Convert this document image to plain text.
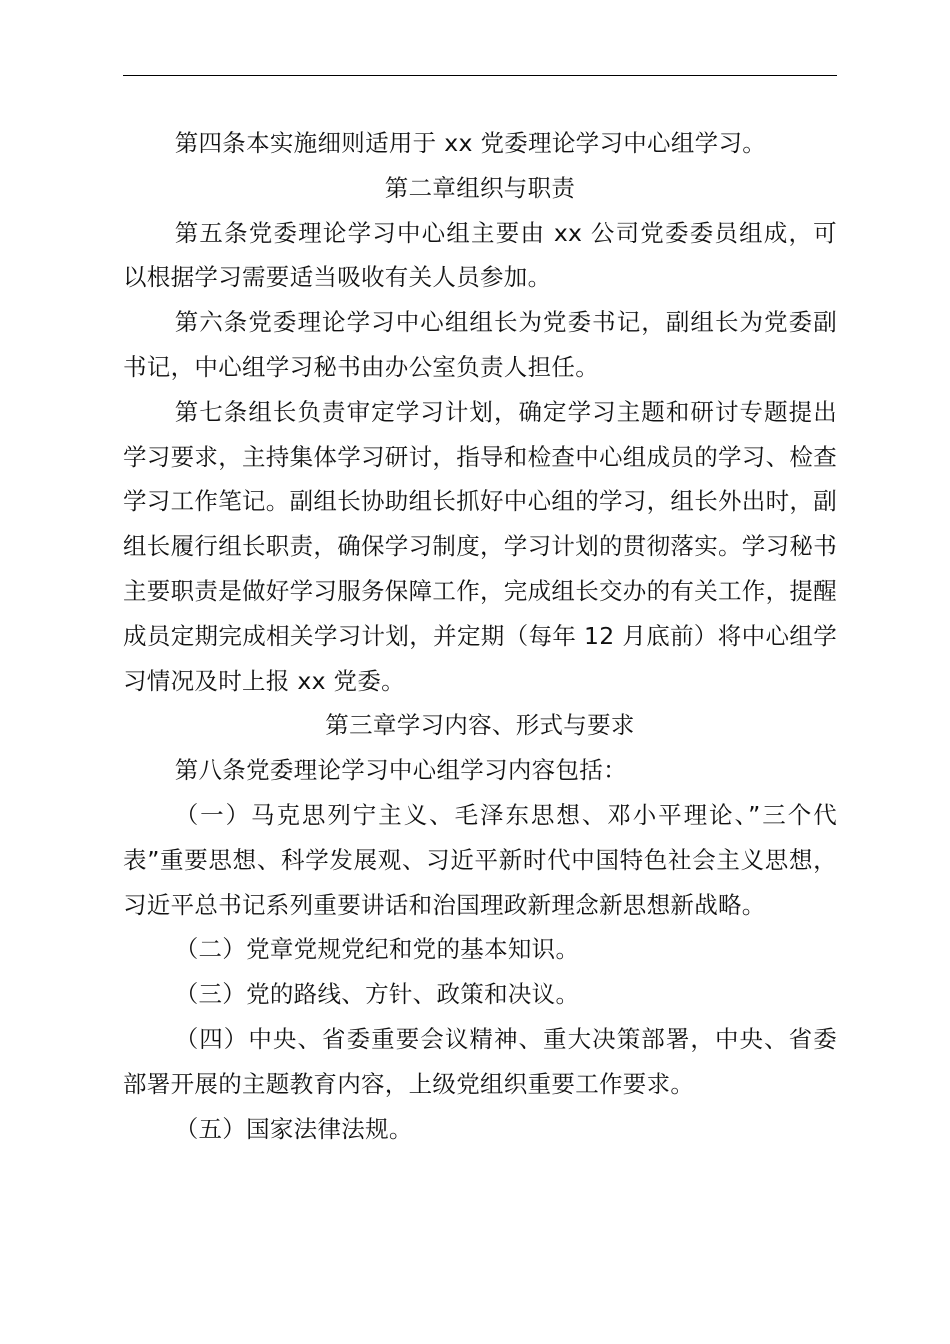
第四条本实施细则适用于 xx 党委理论学习中心组学习。

第二章组织与职责

第五条党委理论学习中心组主要由 xx 公司党委委员组成，可以根据学习需要适当吸收有关人员参加。

第六条党委理论学习中心组组长为党委书记，副组长为党委副书记，中心组学习秘书由办公室负责人担任。

第七条组长负责审定学习计划，确定学习主题和研讨专题提出学习要求，主持集体学习研讨，指导和检查中心组成员的学习、检查学习工作笔记。副组长协助组长抓好中心组的学习，组长外出时，副组长履行组长职责，确保学习制度，学习计划的贯彻落实。学习秘书主要职责是做好学习服务保障工作，完成组长交办的有关工作，提醒成员定期完成相关学习计划，并定期（每年 12 月底前）将中心组学习情况及时上报 xx 党委。

第三章学习内容、形式与要求

第八条党委理论学习中心组学习内容包括：

（一）马克思列宁主义、毛泽东思想、邓小平理论、”三个代表”重要思想、科学发展观、习近平新时代中国特色社会主义思想，习近平总书记系列重要讲话和治国理政新理念新思想新战略。

（二）党章党规党纪和党的基本知识。

（三）党的路线、方针、政策和决议。

（四）中央、省委重要会议精神、重大决策部署，中央、省委部署开展的主题教育内容，上级党组织重要工作要求。

（五）国家法律法规。
